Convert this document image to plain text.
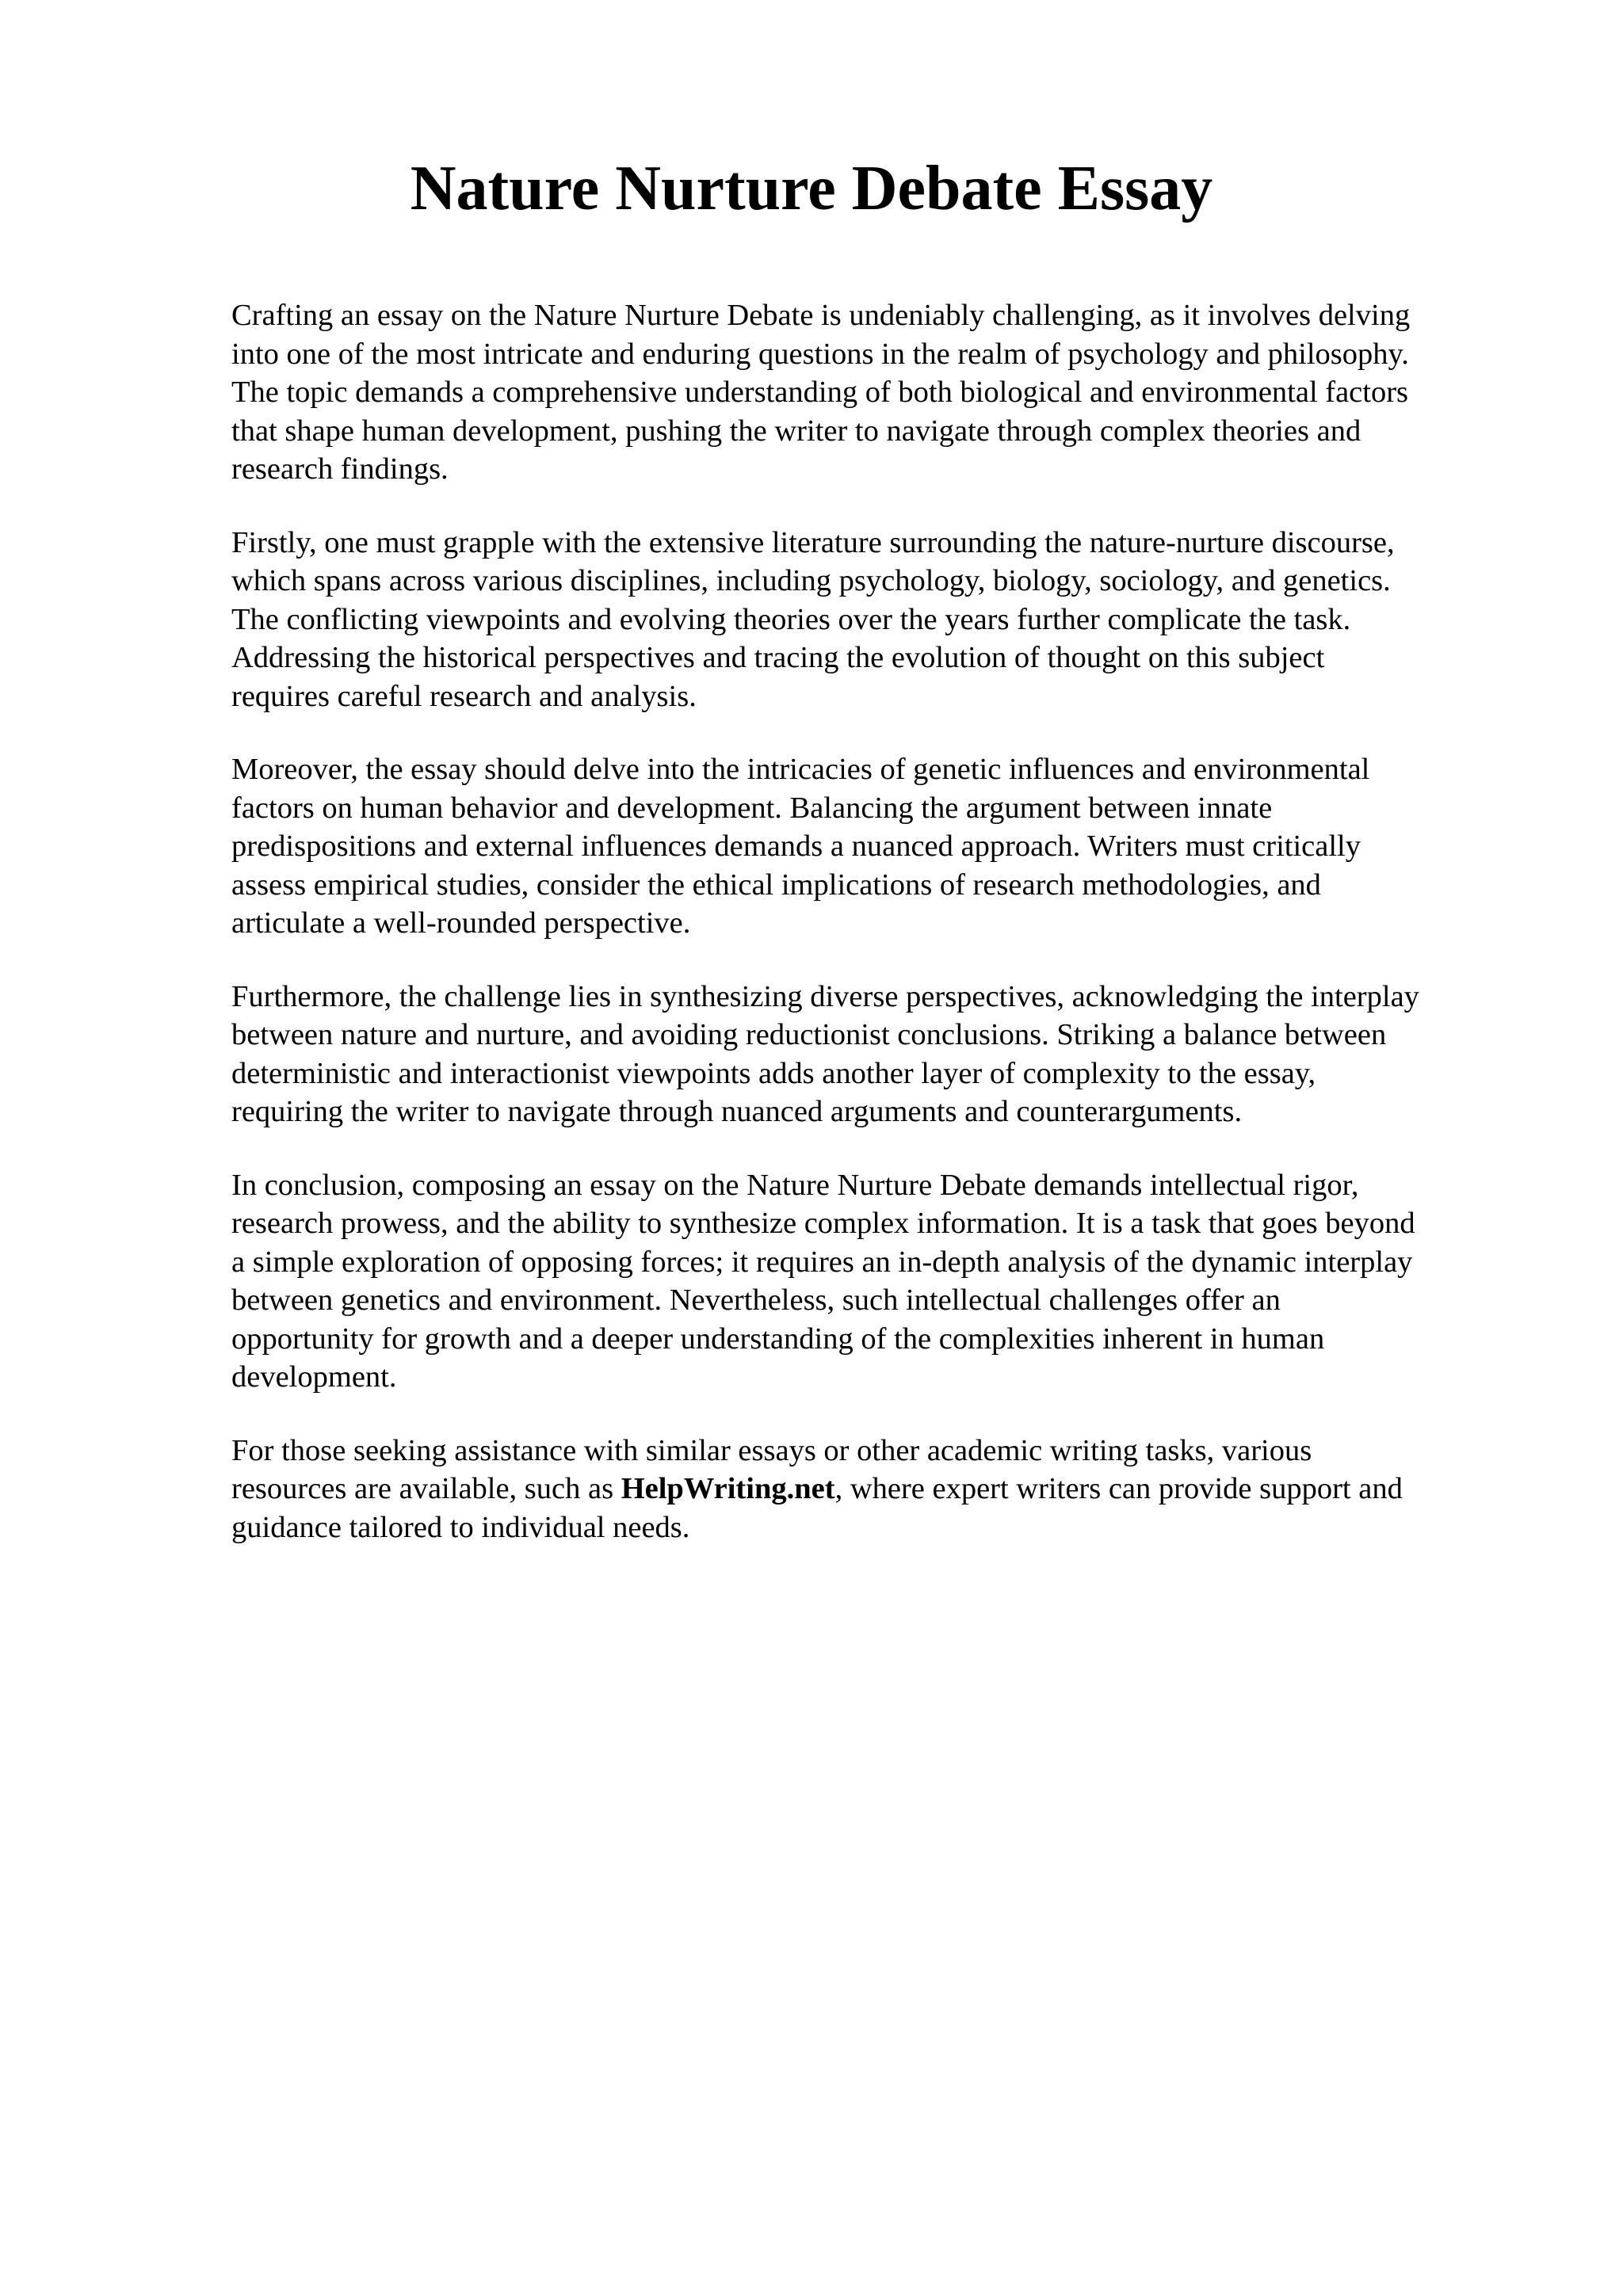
Nature Nurture Debate Essay

Crafting an essay on the Nature Nurture Debate is undeniably challenging, as it involves delving
into one of the most intricate and enduring questions in the realm of psychology and philosophy.
The topic demands a comprehensive understanding of both biological and environmental factors
that shape human development, pushing the writer to navigate through complex theories and
research findings.

Firstly, one must grapple with the extensive literature surrounding the nature-nurture discourse,
which spans across various disciplines, including psychology, biology, sociology, and genetics.
The conflicting viewpoints and evolving theories over the years further complicate the task.
Addressing the historical perspectives and tracing the evolution of thought on this subject
requires careful research and analysis.

Moreover, the essay should delve into the intricacies of genetic influences and environmental
factors on human behavior and development. Balancing the argument between innate
predispositions and external influences demands a nuanced approach. Writers must critically
assess empirical studies, consider the ethical implications of research methodologies, and
articulate a well-rounded perspective.

Furthermore, the challenge lies in synthesizing diverse perspectives, acknowledging the interplay
between nature and nurture, and avoiding reductionist conclusions. Striking a balance between
deterministic and interactionist viewpoints adds another layer of complexity to the essay,
requiring the writer to navigate through nuanced arguments and counterarguments.

In conclusion, composing an essay on the Nature Nurture Debate demands intellectual rigor,
research prowess, and the ability to synthesize complex information. It is a task that goes beyond
a simple exploration of opposing forces; it requires an in-depth analysis of the dynamic interplay
between genetics and environment. Nevertheless, such intellectual challenges offer an
opportunity for growth and a deeper understanding of the complexities inherent in human
development.

For those seeking assistance with similar essays or other academic writing tasks, various
resources are available, such as HelpWriting.net, where expert writers can provide support and
guidance tailored to individual needs.
